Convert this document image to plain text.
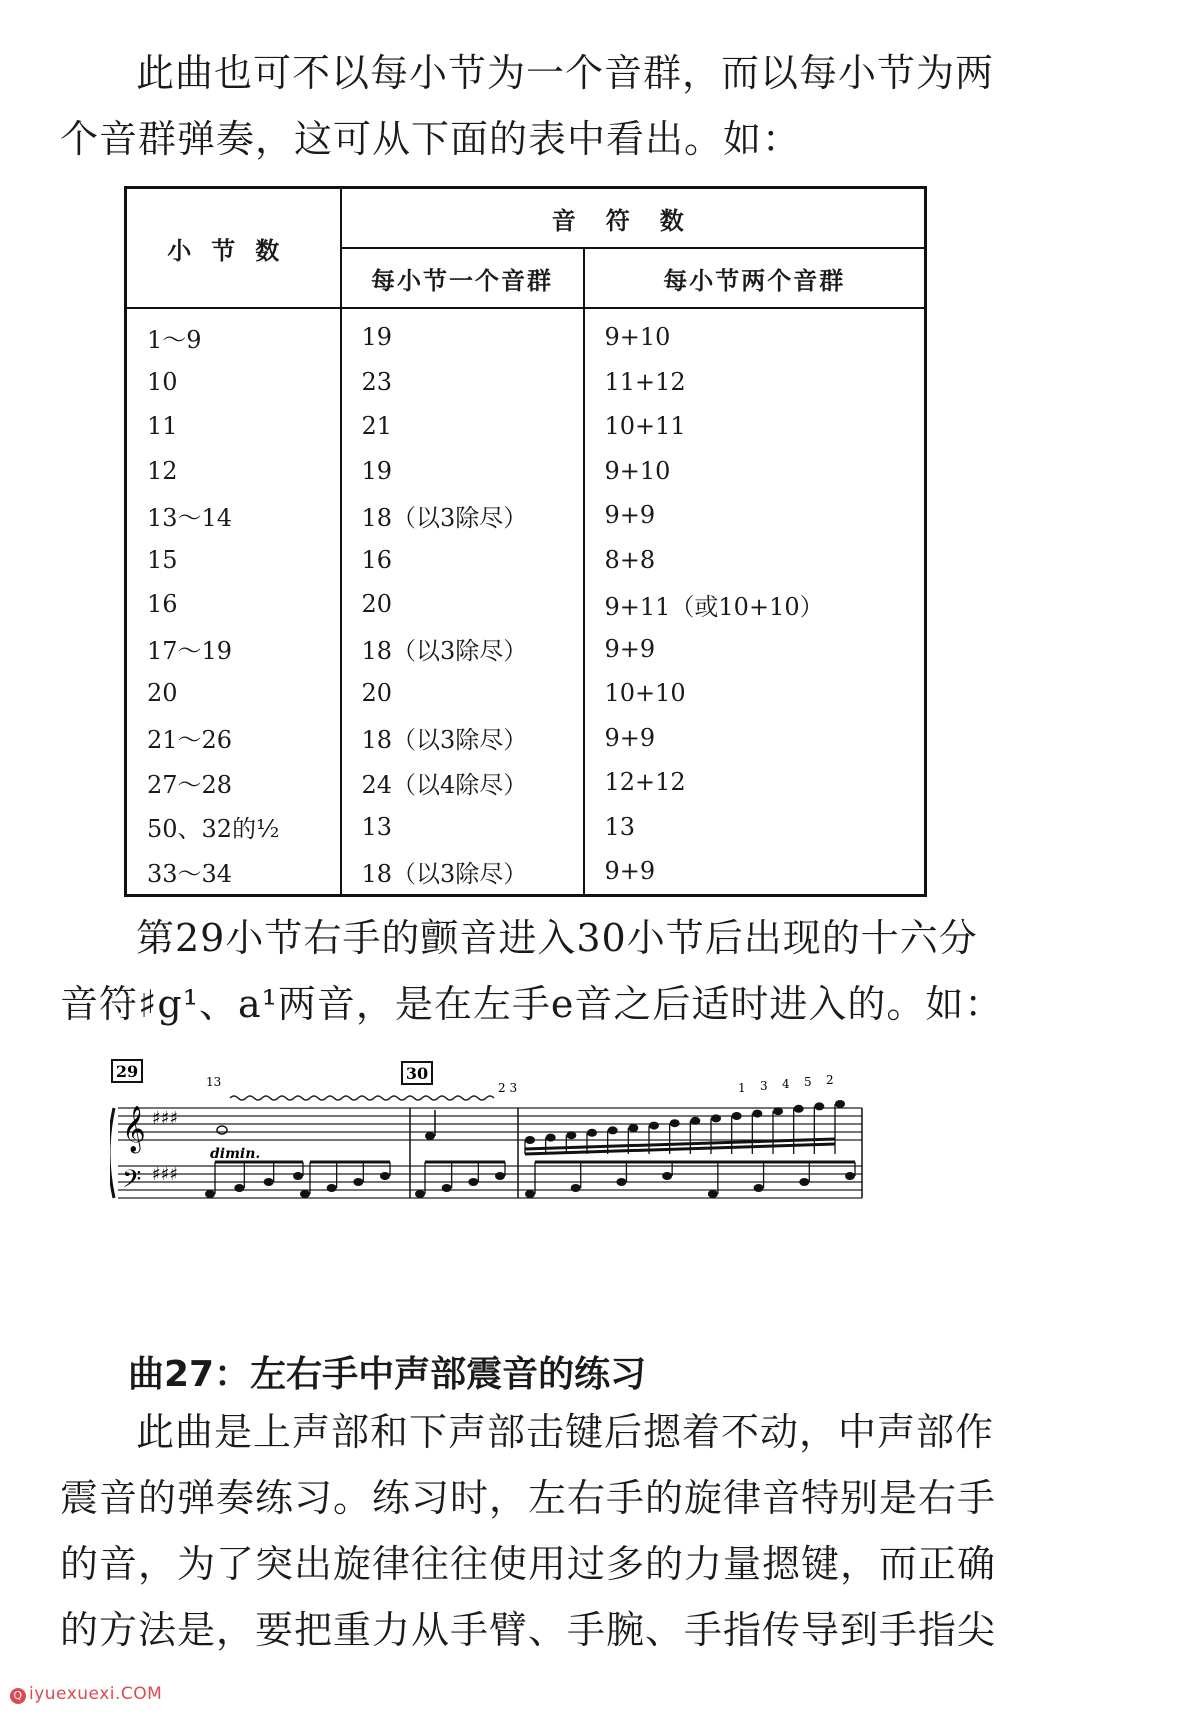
此曲也可不以每小节为一个音群，而以每小节为两
个音群弹奏，这可从下面的表中看出。如：

小节数	音符数	
	每小节一个音群	每小节两个音群
1～9	19	9+10
10	23	11+12
11	21	10+11
12	19	9+10
13～14	18（以3除尽）	9+9
15	16	8+8
16	20	9+11（或10+10）
17～19	18（以3除尽）	9+9
20	20	10+10
21～26	18（以3除尽）	9+9
27～28	24（以4除尽）	12+12
50、32的½	13	13
33～34	18（以3除尽）	9+9

第29小节右手的颤音进入30小节后出现的十六分
音符♯g¹、a¹两音，是在左手e音之后适时进入的。如：

29	30
13	2 3
𝄞
𝄢
♯♯♯
♯♯♯
1 3 4 5 2
dimin.
曲27：左右手中声部震音的练习

此曲是上声部和下声部击键后摁着不动，中声部作
震音的弹奏练习。练习时，左右手的旋律音特别是右手
的音，为了突出旋律往往使用过多的力量摁键，而正确
的方法是，要把重力从手臂、手腕、手指传导到手指尖

Q iyuexuexi.COM
